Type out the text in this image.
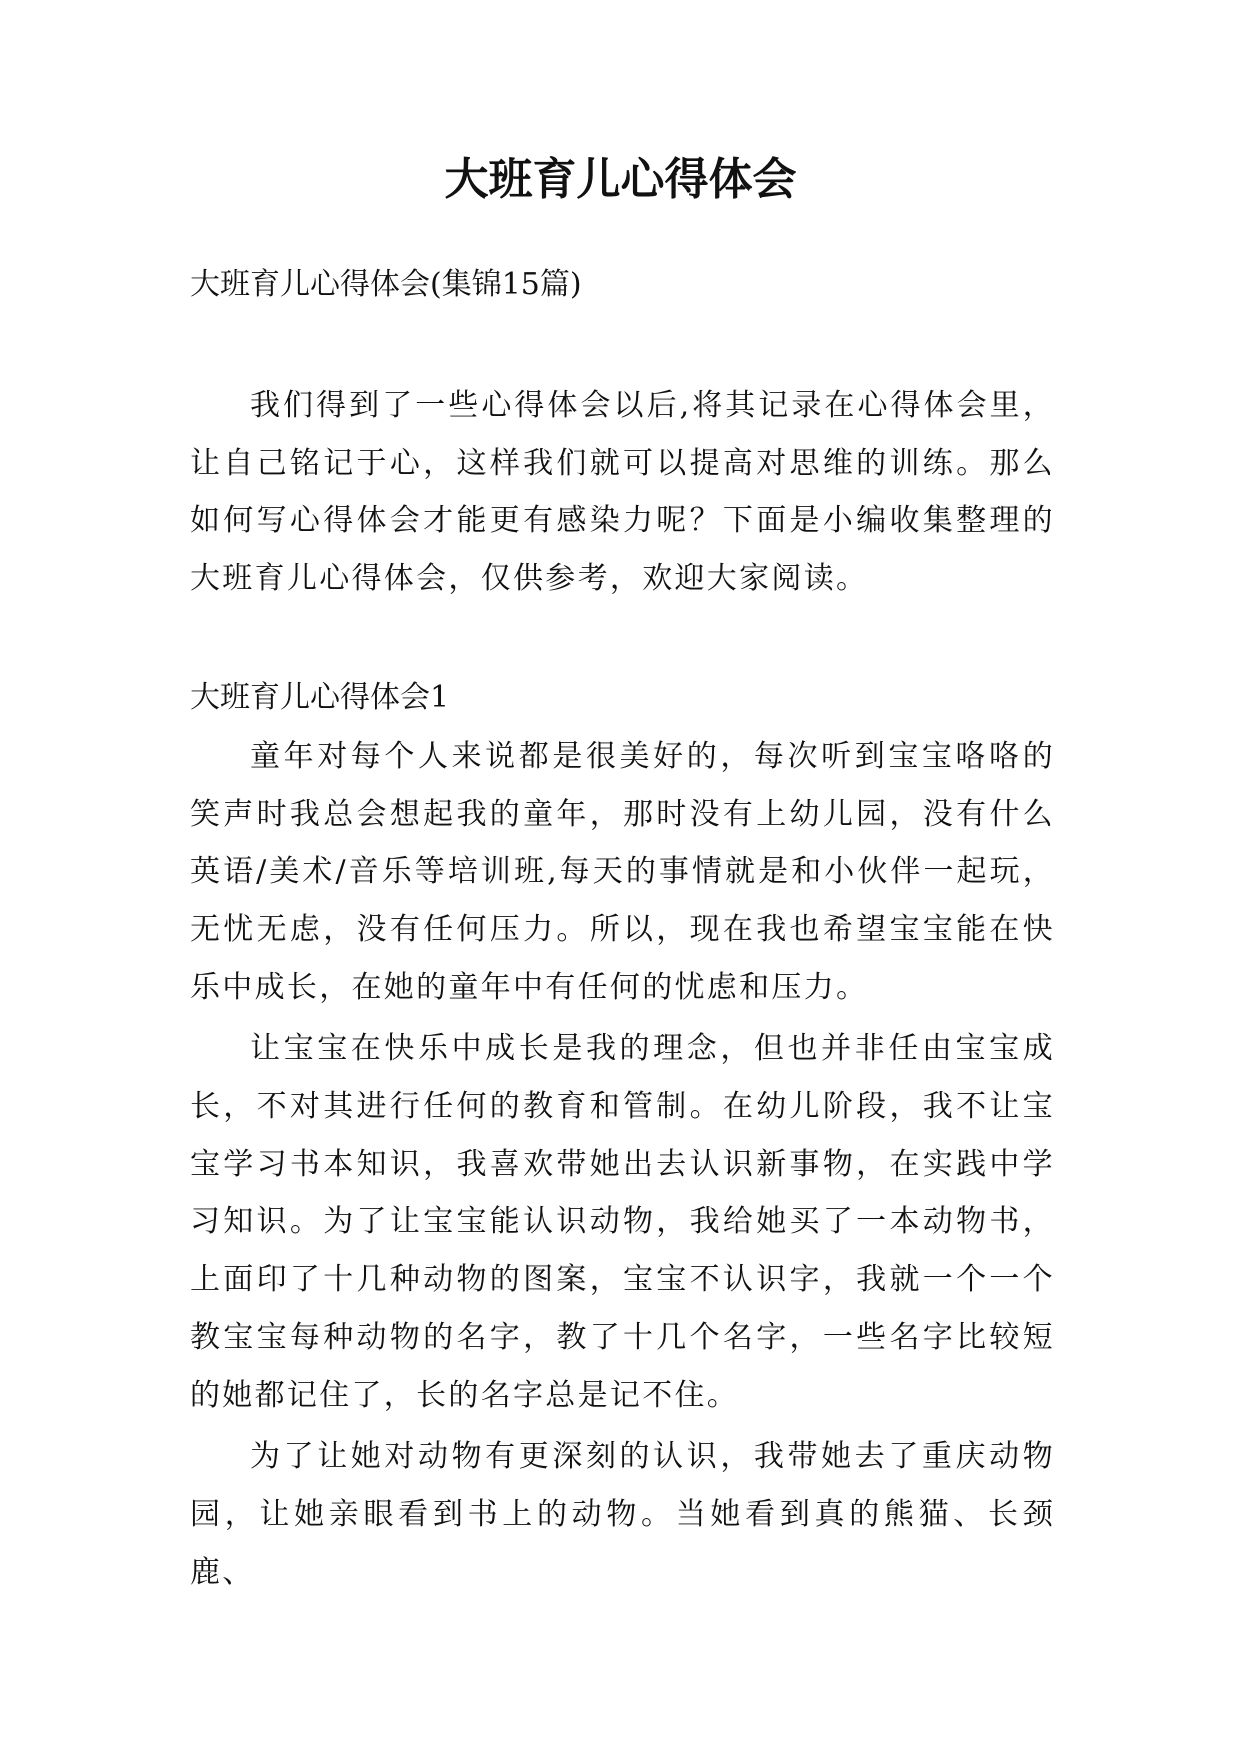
大班育儿心得体会

大班育儿心得体会(集锦15篇)

我们得到了一些心得体会以后,将其记录在心得体会里，让自己铭记于心，这样我们就可以提高对思维的训练。那么如何写心得体会才能更有感染力呢？下面是小编收集整理的大班育儿心得体会，仅供参考，欢迎大家阅读。

大班育儿心得体会1

童年对每个人来说都是很美好的，每次听到宝宝咯咯的笑声时我总会想起我的童年，那时没有上幼儿园，没有什么英语/美术/音乐等培训班,每天的事情就是和小伙伴一起玩，无忧无虑，没有任何压力。所以，现在我也希望宝宝能在快乐中成长，在她的童年中有任何的忧虑和压力。

让宝宝在快乐中成长是我的理念，但也并非任由宝宝成长，不对其进行任何的教育和管制。在幼儿阶段，我不让宝宝学习书本知识，我喜欢带她出去认识新事物，在实践中学习知识。为了让宝宝能认识动物，我给她买了一本动物书，上面印了十几种动物的图案，宝宝不认识字，我就一个一个教宝宝每种动物的名字，教了十几个名字，一些名字比较短的她都记住了，长的名字总是记不住。

为了让她对动物有更深刻的认识，我带她去了重庆动物园，让她亲眼看到书上的动物。当她看到真的熊猫、长颈鹿、
